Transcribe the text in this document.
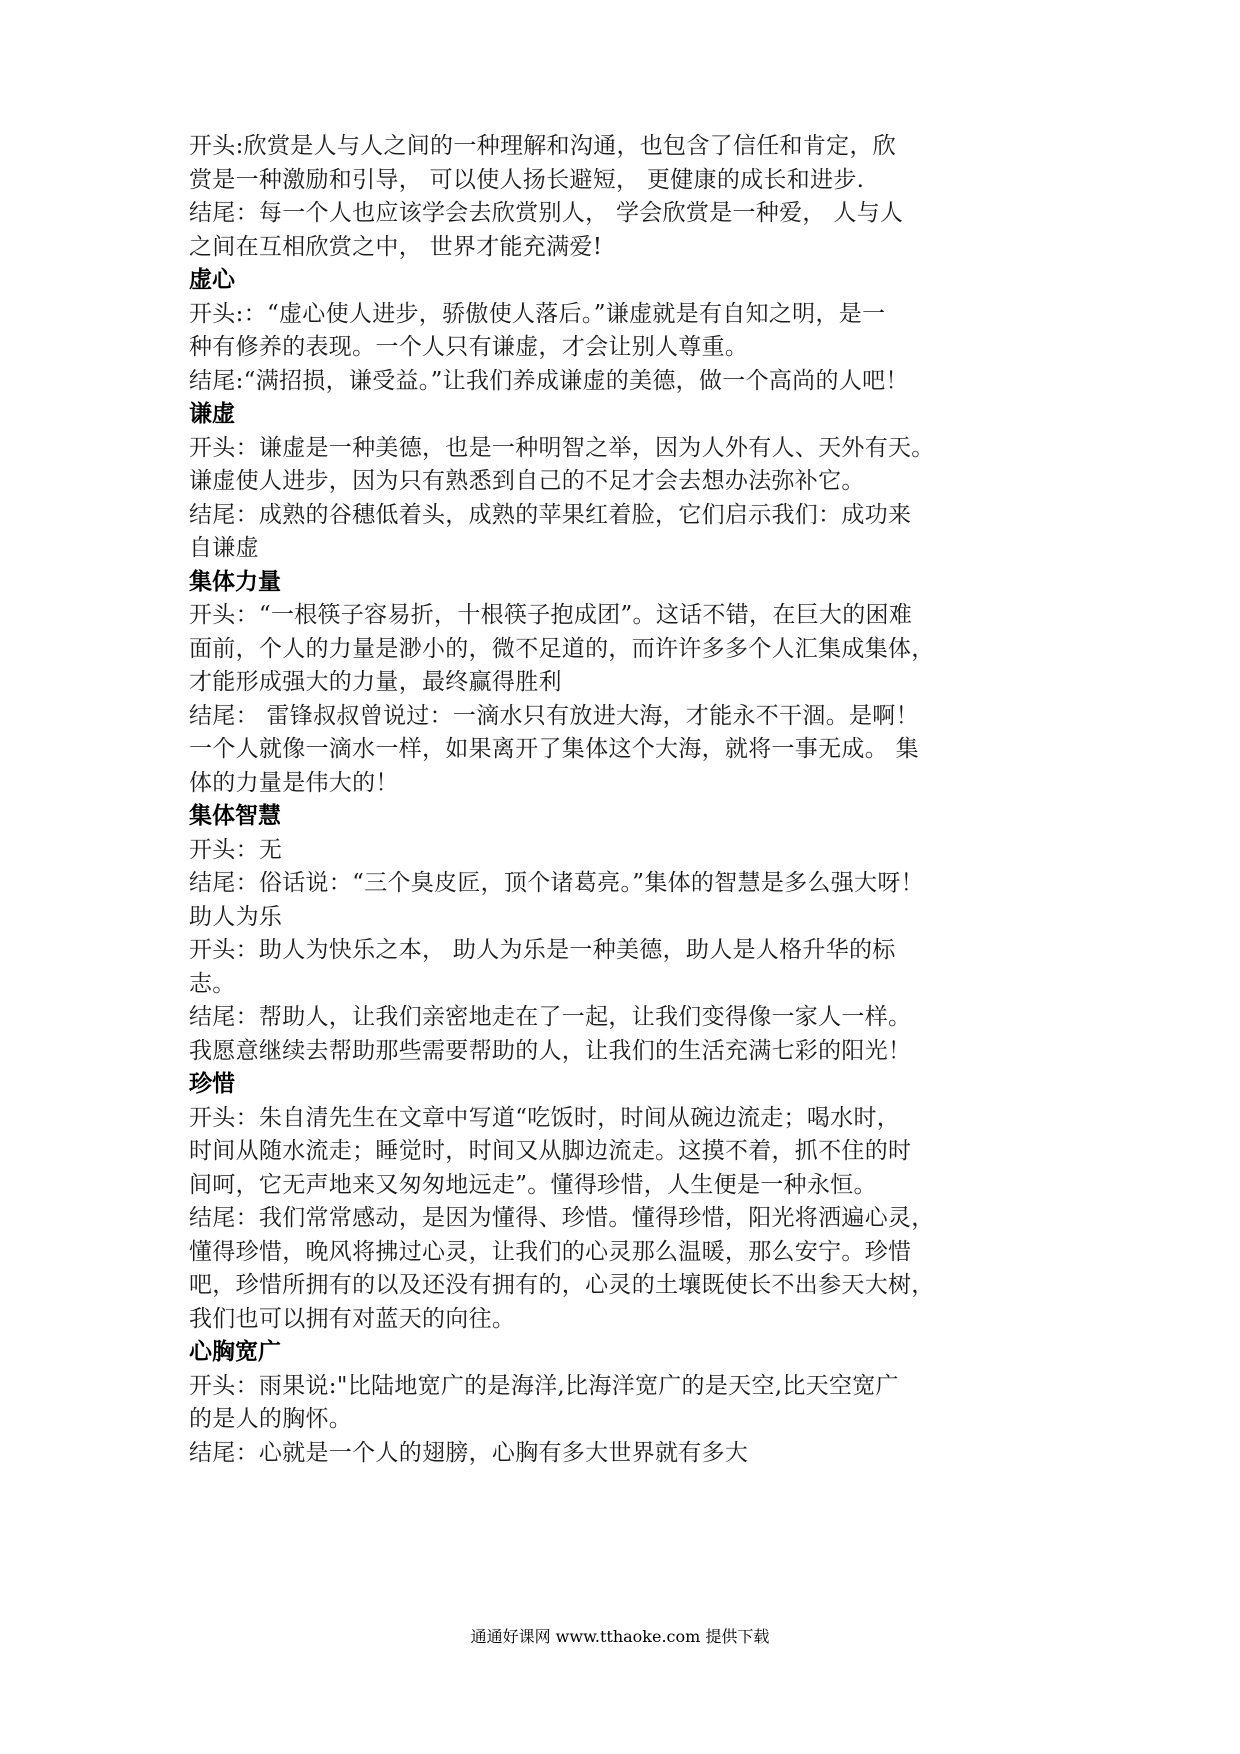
开头:欣赏是人与人之间的一种理解和沟通，也包含了信任和肯定，欣
赏是一种激励和引导， 可以使人扬长避短， 更健康的成长和进步.
结尾：每一个人也应该学会去欣赏别人， 学会欣赏是一种爱， 人与人
之间在互相欣赏之中， 世界才能充满爱!
虚心
开头:：“虚心使人进步，骄傲使人落后。”谦虚就是有自知之明，是一
种有修养的表现。一个人只有谦虚，才会让别人尊重。
结尾:“满招损，谦受益。”让我们养成谦虚的美德，做一个高尚的人吧！
谦虚
开头：谦虚是一种美德，也是一种明智之举，因为人外有人、天外有天。
谦虚使人进步，因为只有熟悉到自己的不足才会去想办法弥补它。
结尾：成熟的谷穗低着头，成熟的苹果红着脸，它们启示我们：成功来
自谦虚
集体力量
开头：“一根筷子容易折，十根筷子抱成团”。这话不错，在巨大的困难
面前，个人的力量是渺小的，微不足道的，而许许多多个人汇集成集体，
才能形成强大的力量，最终赢得胜利
结尾： 雷锋叔叔曾说过：一滴水只有放进大海，才能永不干涸。是啊！
一个人就像一滴水一样，如果离开了集体这个大海，就将一事无成。 集
体的力量是伟大的！
集体智慧
开头：无
结尾：俗话说：“三个臭皮匠，顶个诸葛亮。”集体的智慧是多么强大呀！
助人为乐
开头：助人为快乐之本， 助人为乐是一种美德，助人是人格升华的标
志。
结尾：帮助人，让我们亲密地走在了一起，让我们变得像一家人一样。
我愿意继续去帮助那些需要帮助的人，让我们的生活充满七彩的阳光！
珍惜
开头：朱自清先生在文章中写道“吃饭时，时间从碗边流走；喝水时，
时间从随水流走；睡觉时，时间又从脚边流走。这摸不着，抓不住的时
间呵，它无声地来又匆匆地远走”。懂得珍惜，人生便是一种永恒。
结尾：我们常常感动，是因为懂得、珍惜。懂得珍惜，阳光将洒遍心灵，
懂得珍惜，晚风将拂过心灵，让我们的心灵那么温暖，那么安宁。珍惜
吧，珍惜所拥有的以及还没有拥有的，心灵的土壤既使长不出参天大树，
我们也可以拥有对蓝天的向往。
心胸宽广
开头：雨果说:"比陆地宽广的是海洋,比海洋宽广的是天空,比天空宽广
的是人的胸怀。
结尾：心就是一个人的翅膀，心胸有多大世界就有多大
通通好课网 www.tthaoke.com 提供下载
